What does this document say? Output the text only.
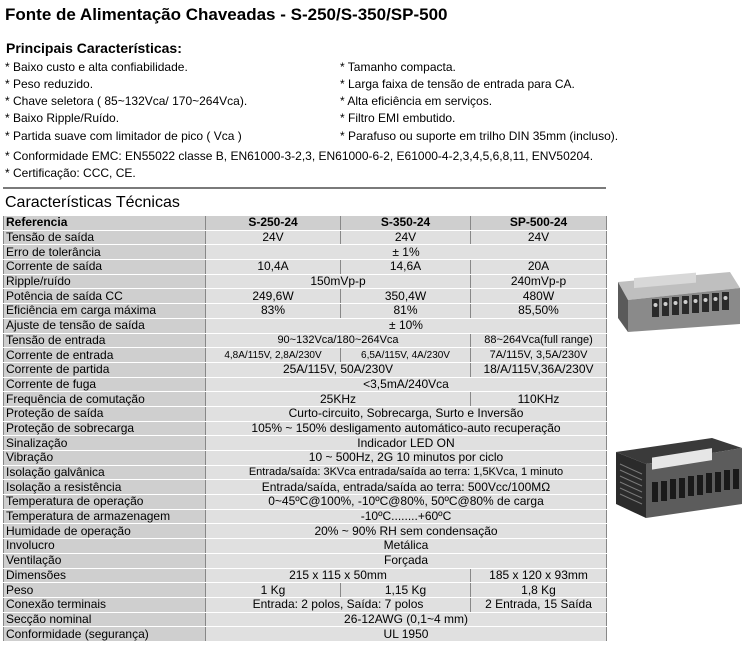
Fonte de Alimentação Chaveadas - S-250/S-350/SP-500
Principais Características:
* Baixo custo e alta confiabilidade.
* Peso reduzido.
* Chave seletora ( 85~132Vca/ 170~264Vca).
* Baixo Ripple/Ruído.
* Partida suave com limitador de pico ( Vca )
* Tamanho compacta.
* Larga faixa de tensão de entrada para CA.
* Alta eficiência em serviços.
* Filtro EMI embutido.
* Parafuso ou suporte em trilho DIN 35mm (incluso).
* Conformidade EMC: EN55022 classe B, EN61000-3-2,3, EN61000-6-2, E61000-4-2,3,4,5,6,8,11, ENV50204.
* Certificação: CCC, CE.
Características Técnicas
Referencia	S-250-24	S-350-24	SP-500-24
Tensão de saída	24V	24V	24V
Erro de tolerância	± 1%		
Corrente de saída	10,4A	14,6A	20A
Ripple/ruído	150mVp-p		240mVp-p
Potência de saída CC	249,6W	350,4W	480W
Eficiência em carga máxima	83%	81%	85,50%
Ajuste de tensão de saída	± 10%		
Tensão de entrada	90~132Vca/180~264Vca		88~264Vca(full range)
Corrente de entrada	4,8A/115V, 2,8A/230V	6,5A/115V, 4A/230V	7A/115V, 3,5A/230V
Corrente de partida	25A/115V, 50A/230V		18/A/115V,36A/230V
Corrente de fuga	<3,5mA/240Vca		
Frequência de comutação	25KHz		110KHz
Proteção de saída	Curto-circuito, Sobrecarga, Surto e Inversão		
Proteção de sobrecarga	105% ~ 150% desligamento automático-auto recuperação		
Sinalização	Indicador LED ON		
Vibração	10 ~ 500Hz, 2G 10 minutos por ciclo		
Isolação galvânica	Entrada/saída: 3KVca entrada/saída ao terra: 1,5KVca, 1 minuto		
Isolação a resistência	Entrada/saída, entrada/saída ao terra: 500Vcc/100MΩ		
Temperatura de operação	0~45ºC@100%, -10ºC@80%, 50ºC@80% de carga		
Temperatura de armazenagem	-10ºC........+60ºC		
Humidade de operação	20% ~ 90% RH sem condensação		
Involucro	Metálica		
Ventilação	Forçada		
Dimensões	215 x 115 x 50mm		185 x 120 x 93mm
Peso	1 Kg	1,15 Kg	1,8 Kg
Conexão terminais	Entrada: 2 polos, Saída: 7 polos		2 Entrada, 15 Saída
Secção nominal	26-12AWG (0,1~4 mm)		
Conformidade (segurança)	UL 1950		
